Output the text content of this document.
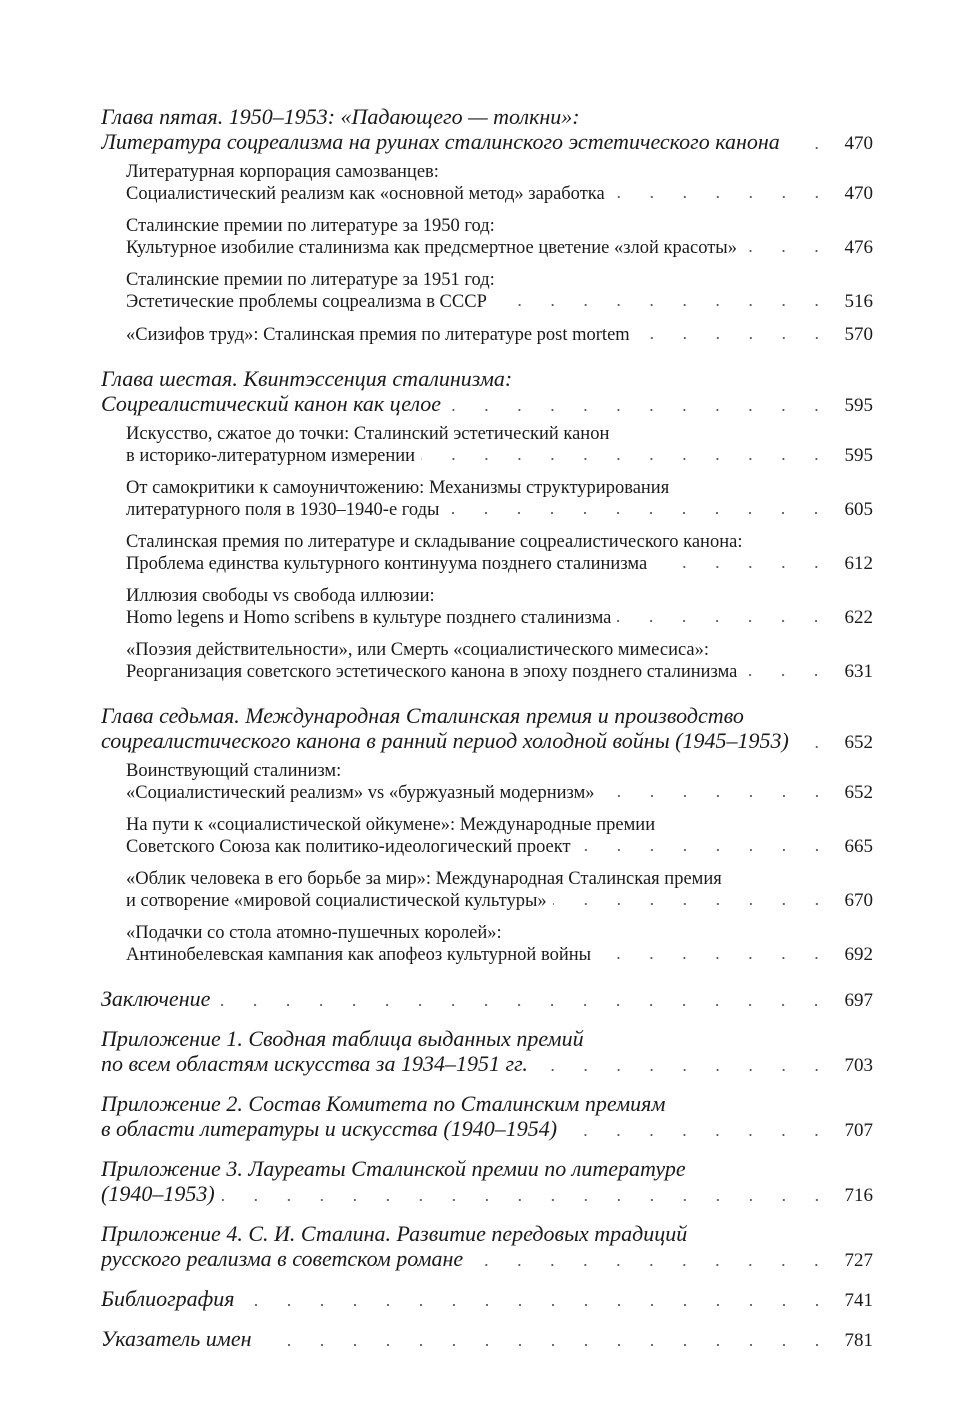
Глава пятая. 1950–1953: «Падающего — толкни»:
Литература соцреализма на руинах сталинского эстетического канона	470
Литературная корпорация самозванцев:
Социалистический реализм как «основной метод» заработка	470
Сталинские премии по литературе за 1950 год:
Культурное изобилие сталинизма как предсмертное цветение «злой красоты»	476
Сталинские премии по литературе за 1951 год:
Эстетические проблемы соцреализма в СССР	516
«Сизифов труд»: Сталинская премия по литературе post mortem	570
Глава шестая. Квинтэссенция сталинизма:
Соцреалистический канон как целое	595
Искусство, сжатое до точки: Сталинский эстетический канон
в историко-литературном измерении	595
От самокритики к самоуничтожению: Механизмы структурирования
литературного поля в 1930–1940-е годы	605
Сталинская премия по литературе и складывание соцреалистического канона:
Проблема единства культурного континуума позднего сталинизма	612
Иллюзия свободы vs свобода иллюзии:
Homo legens и Homo scribens в культуре позднего сталинизма	622
«Поэзия действительности», или Смерть «социалистического мимесиса»:
Реорганизация советского эстетического канона в эпоху позднего сталинизма	631
Глава седьмая. Международная Сталинская премия и производство
соцреалистического канона в ранний период холодной войны (1945–1953)	652
Воинствующий сталинизм:
«Социалистический реализм» vs «буржуазный модернизм»	652
На пути к «социалистической ойкумене»: Международные премии
Советского Союза как политико-идеологический проект	665
«Облик человека в его борьбе за мир»: Международная Сталинская премия
и сотворение «мировой социалистической культуры»	670
«Подачки со стола атомно-пушечных королей»:
Антинобелевская кампания как апофеоз культурной войны	692
Заключение	697
Приложение 1. Сводная таблица выданных премий
по всем областям искусства за 1934–1951 гг.	703
Приложение 2. Состав Комитета по Сталинским премиям
в области литературы и искусства (1940–1954)	707
Приложение 3. Лауреаты Сталинской премии по литературе
(1940–1953)	716
Приложение 4. С. И. Сталина. Развитие передовых традиций
русского реализма в советском романе	727
Библиография	741
Указатель имен	781
